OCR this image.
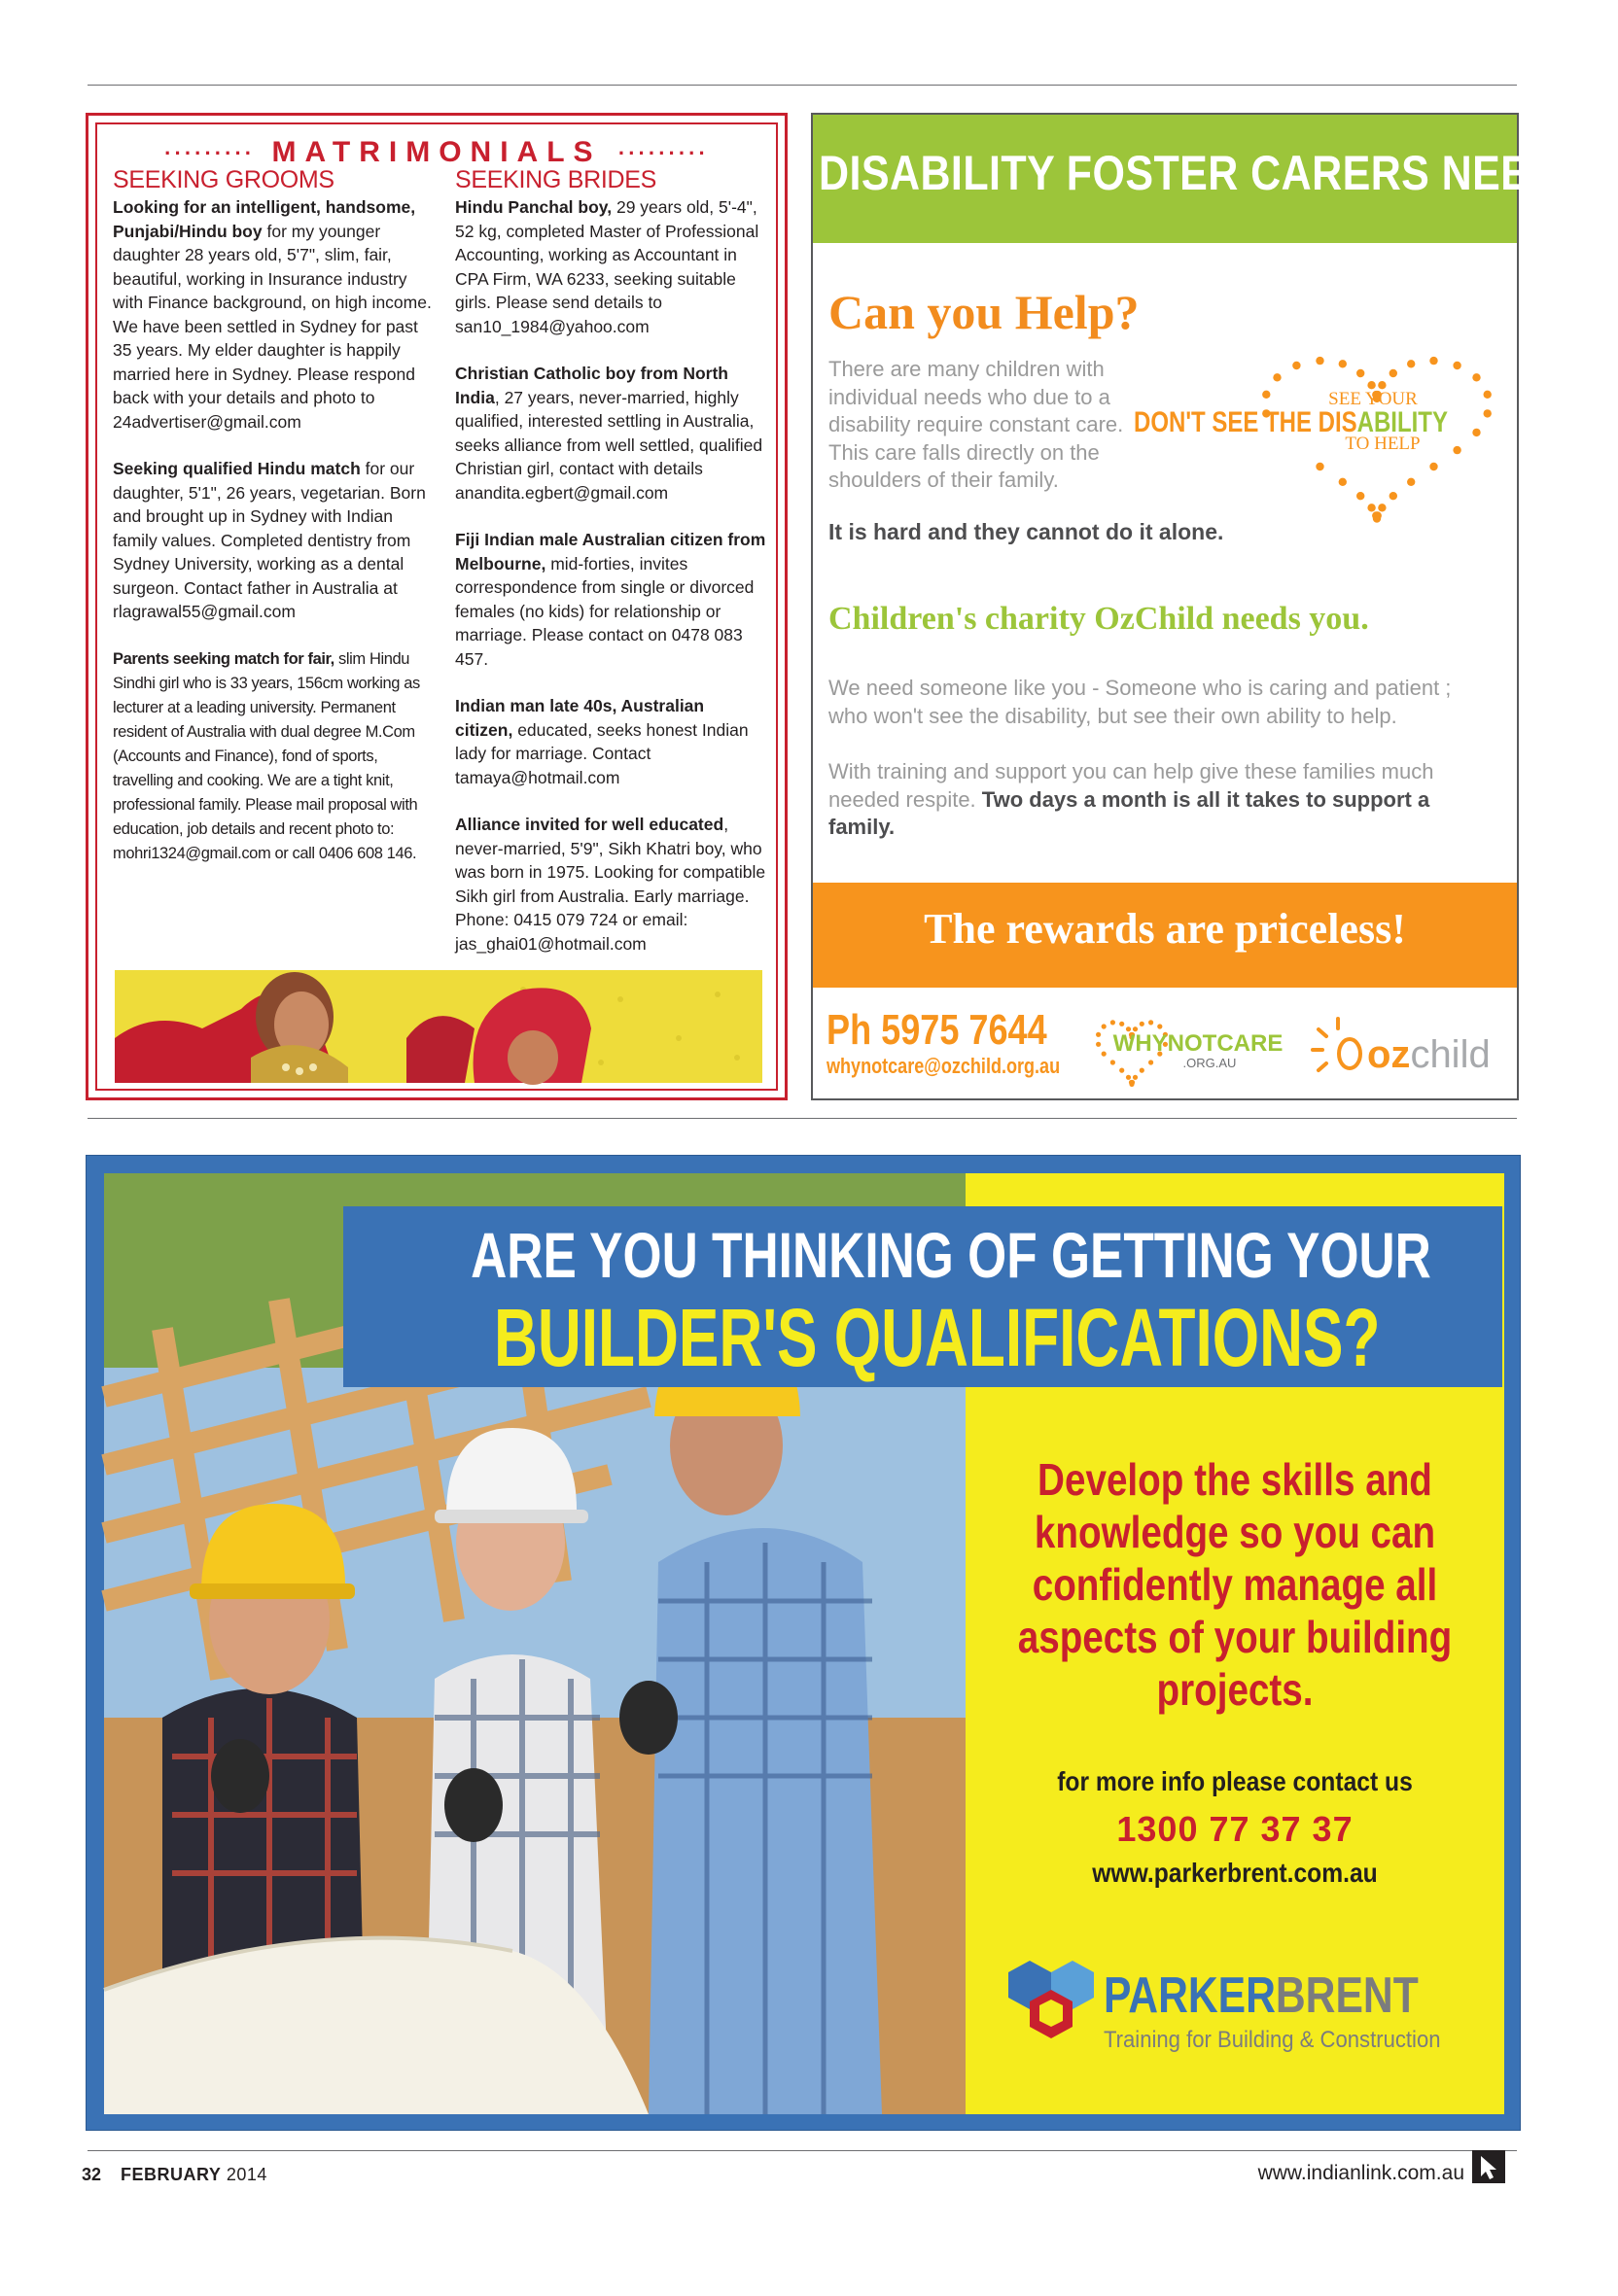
········· MATRIMONIALS ·········
SEEKING GROOMS

Looking for an intelligent, handsome, Punjabi/Hindu boy for my younger daughter 28 years old, 5'7", slim, fair, beautiful, working in Insurance industry with Finance background, on high income. We have been settled in Sydney for past 35 years. My elder daughter is happily married here in Sydney. Please respond back with your details and photo to 24advertiser@gmail.com

Seeking qualified Hindu match for our daughter, 5'1", 26 years, vegetarian. Born and brought up in Sydney with Indian family values. Completed dentistry from Sydney University, working as a dental surgeon. Contact father in Australia at rlagrawal55@gmail.com

Parents seeking match for fair, slim Hindu Sindhi girl who is 33 years, 156cm working as lecturer at a leading university. Permanent resident of Australia with dual degree M.Com (Accounts and Finance), fond of sports, travelling and cooking. We are a tight knit, professional family. Please mail proposal with education, job details and recent photo to: mohri1324@gmail.com or call 0406 608 146.

SEEKING BRIDES

Hindu Panchal boy, 29 years old, 5'-4", 52 kg, completed Master of Professional Accounting, working as Accountant in CPA Firm, WA 6233, seeking suitable girls. Please send details to san10_1984@yahoo.com

Christian Catholic boy from North India, 27 years, never-married, highly qualified, interested settling in Australia, seeks alliance from well settled, qualified Christian girl, contact with details anandita.egbert@gmail.com

Fiji Indian male Australian citizen from Melbourne, mid-forties, invites correspondence from single or divorced females (no kids) for relationship or marriage. Please contact on 0478 083 457.

Indian man late 40s, Australian citizen, educated, seeks honest Indian lady for marriage. Contact tamaya@hotmail.com

Alliance invited for well educated, never-married, 5'9", Sikh Khatri boy, who was born in 1975. Looking for compatible Sikh girl from Australia. Early marriage. Phone: 0415 079 724 or email: jas_ghai01@hotmail.com

DISABILITY FOSTER CARERS NEEDED
Can you Help?
There are many children with individual needs who due to a disability require constant care. This care falls directly on the shoulders of their family.
SEE YOUR
TO HELP
DON'T SEE THE DISABILITY
It is hard and they cannot do it alone.
Children's charity OzChild needs you.
We need someone like you - Someone who is caring and patient ; who won't see the disability, but see their own ability to help.
With training and support you can help give these families much needed respite. Two days a month is all it takes to support a family.
The rewards are priceless!
Ph 5975 7644
whynotcare@ozchild.org.au
WHYNOTCARE
.ORG.AU	ozchild
ARE YOU THINKING OF GETTING YOUR
BUILDER'S QUALIFICATIONS?
Develop the skills and knowledge so you can confidently manage all aspects of your building projects.
for more info please contact us
1300 77 37 37
www.parkerbrent.com.au
PARKERBRENT
Training for Building & Construction
32 FEBRUARY 2014	www.indianlink.com.au
